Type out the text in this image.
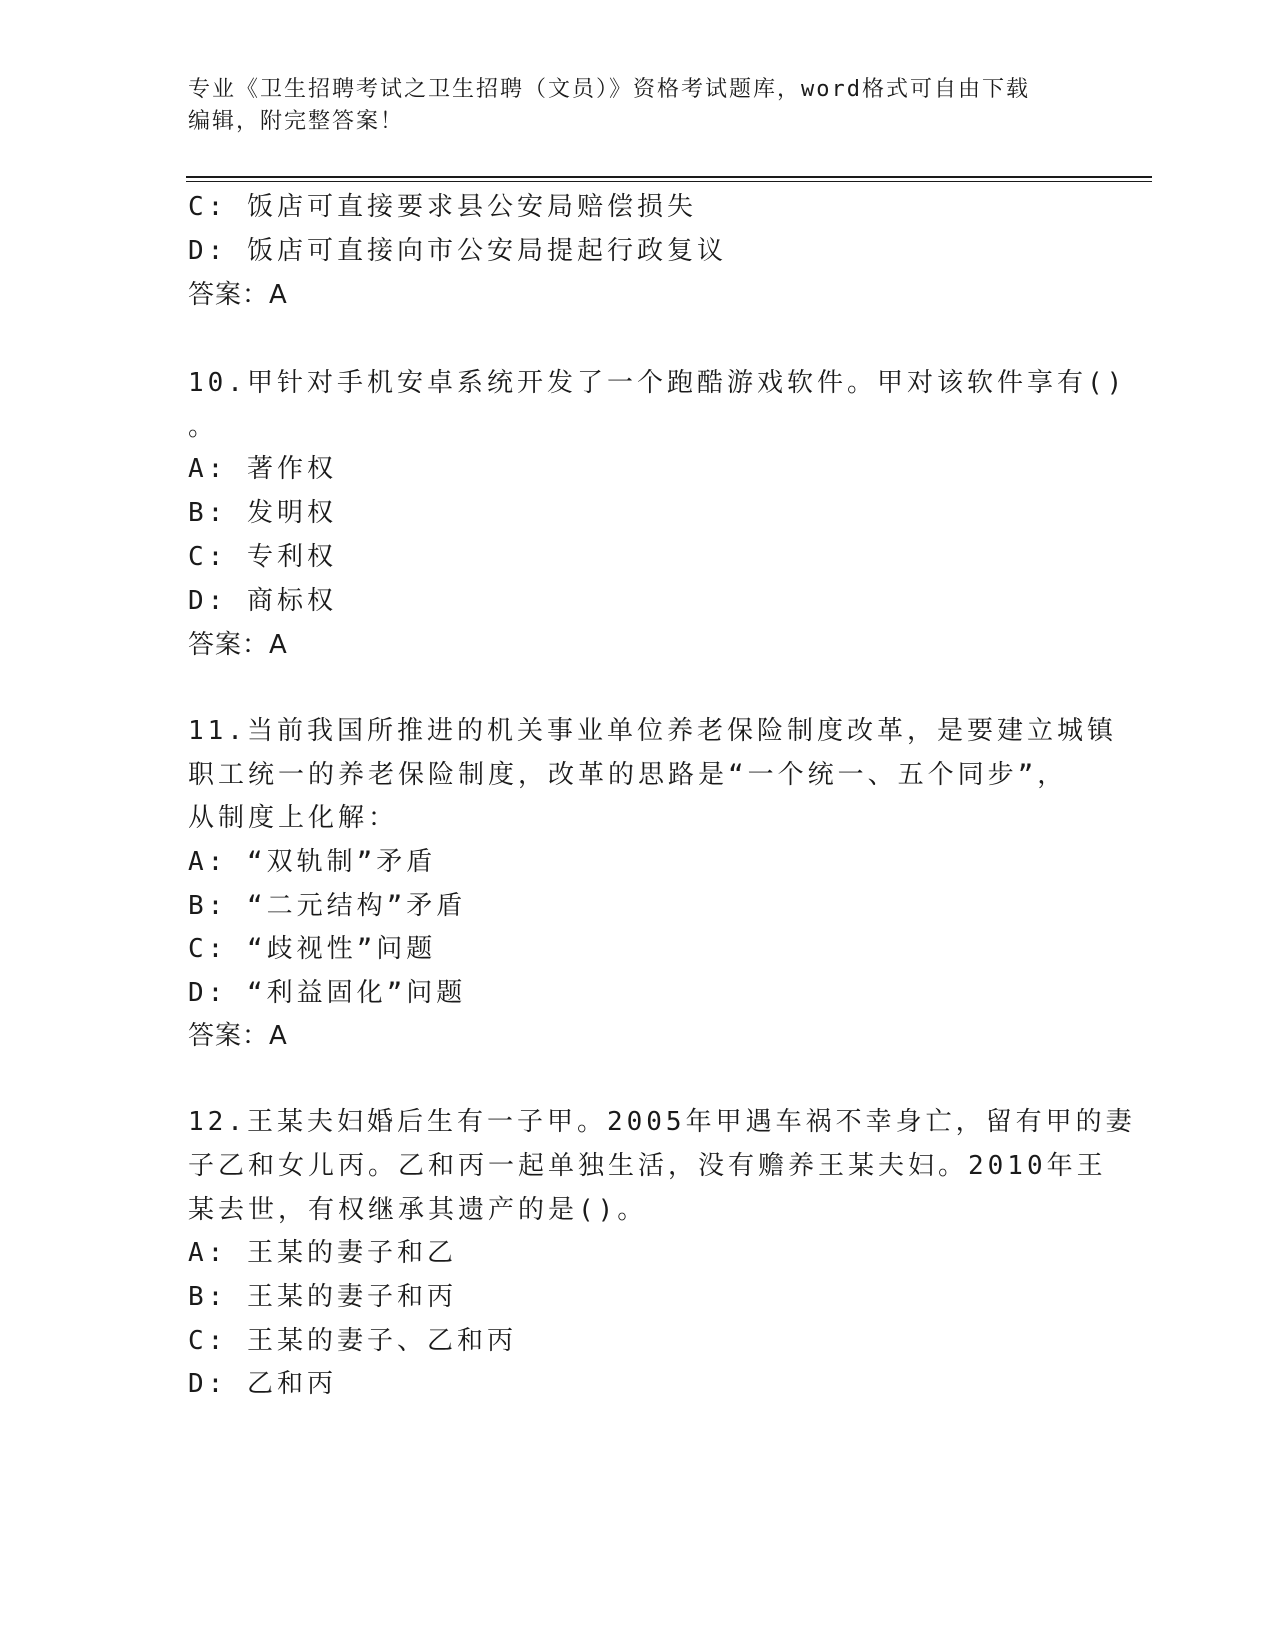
专业《卫生招聘考试之卫生招聘（文员）》资格考试题库，word格式可自由下载
编辑，附完整答案！
C: 饭店可直接要求县公安局赔偿损失
D: 饭店可直接向市公安局提起行政复议
答案：A
10.甲针对手机安卓系统开发了一个跑酷游戏软件。甲对该软件享有()
。
A: 著作权
B: 发明权
C: 专利权
D: 商标权
答案：A
11.当前我国所推进的机关事业单位养老保险制度改革，是要建立城镇
职工统一的养老保险制度，改革的思路是“一个统一、五个同步”，
从制度上化解：
A: “双轨制”矛盾
B: “二元结构”矛盾
C: “歧视性”问题
D: “利益固化”问题
答案：A
12.王某夫妇婚后生有一子甲。2005年甲遇车祸不幸身亡，留有甲的妻
子乙和女儿丙。乙和丙一起单独生活，没有赡养王某夫妇。2010年王
某去世，有权继承其遗产的是()。
A: 王某的妻子和乙
B: 王某的妻子和丙
C: 王某的妻子、乙和丙
D: 乙和丙
